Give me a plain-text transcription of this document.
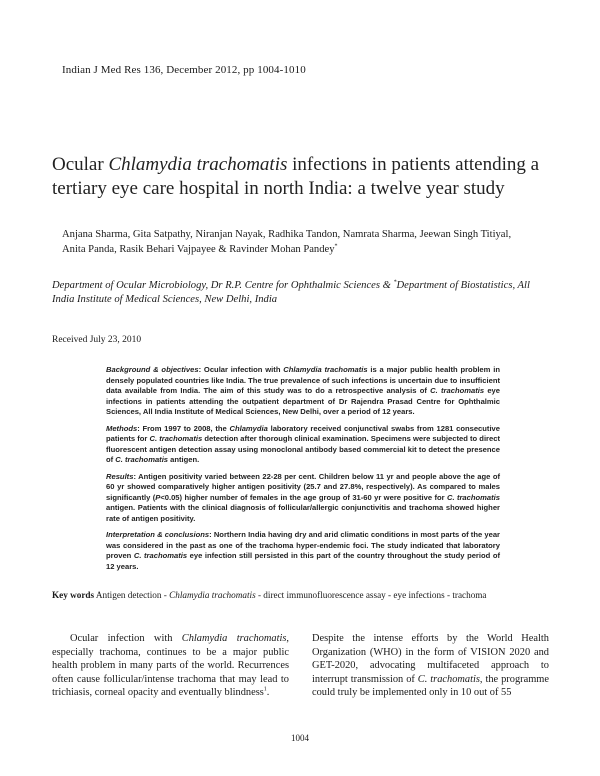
Indian J Med Res 136, December 2012, pp 1004-1010
Ocular Chlamydia trachomatis infections in patients attending a tertiary eye care hospital in north India: a twelve year study
Anjana Sharma, Gita Satpathy, Niranjan Nayak, Radhika Tandon, Namrata Sharma, Jeewan Singh Titiyal,
Anita Panda, Rasik Behari Vajpayee & Ravinder Mohan Pandey*
Department of Ocular Microbiology, Dr R.P. Centre for Ophthalmic Sciences & *Department of Biostatistics, All India Institute of Medical Sciences, New Delhi, India
Received July 23, 2010

Background & objectives: Ocular infection with Chlamydia trachomatis is a major public health problem in densely populated countries like India. The true prevalence of such infections is uncertain due to insufficient data available from India. The aim of this study was to do a retrospective analysis of C. trachomatis eye infections in patients attending the outpatient department of Dr Rajendra Prasad Centre for Ophthalmic Sciences, All India Institute of Medical Sciences, New Delhi, over a period of 12 years.

Methods: From 1997 to 2008, the Chlamydia laboratory received conjunctival swabs from 1281 consecutive patients for C. trachomatis detection after thorough clinical examination. Specimens were subjected to direct fluorescent antigen detection assay using monoclonal antibody based commercial kit to detect the presence of C. trachomatis antigen.

Results: Antigen positivity varied between 22-28 per cent. Children below 11 yr and people above the age of 60 yr showed comparatively higher antigen positivity (25.7 and 27.8%, respectively). As compared to males significantly (P<0.05) higher number of females in the age group of 31-60 yr were positive for C. trachomatis antigen. Patients with the clinical diagnosis of follicular/allergic conjunctivitis and trachoma showed higher rate of antigen positivity.

Interpretation & conclusions: Northern India having dry and arid climatic conditions in most parts of the year was considered in the past as one of the trachoma hyper-endemic foci. The study indicated that laboratory proven C. trachomatis eye infection still persisted in this part of the country throughout the study period of 12 years.

Key words Antigen detection - Chlamydia trachomatis - direct immunofluorescence assay - eye infections - trachoma

Ocular infection with Chlamydia trachomatis, especially trachoma, continues to be a major public health problem in many parts of the world. Recurrences often cause follicular/intense trachoma that may lead to trichiasis, corneal opacity and eventually blindness$^1$.

Despite the intense efforts by the World Health Organization (WHO) in the form of VISION 2020 and GET-2020, advocating multifaceted approach to interrupt transmission of C. trachomatis, the programme could truly be implemented only in 10 out of 55

1004
